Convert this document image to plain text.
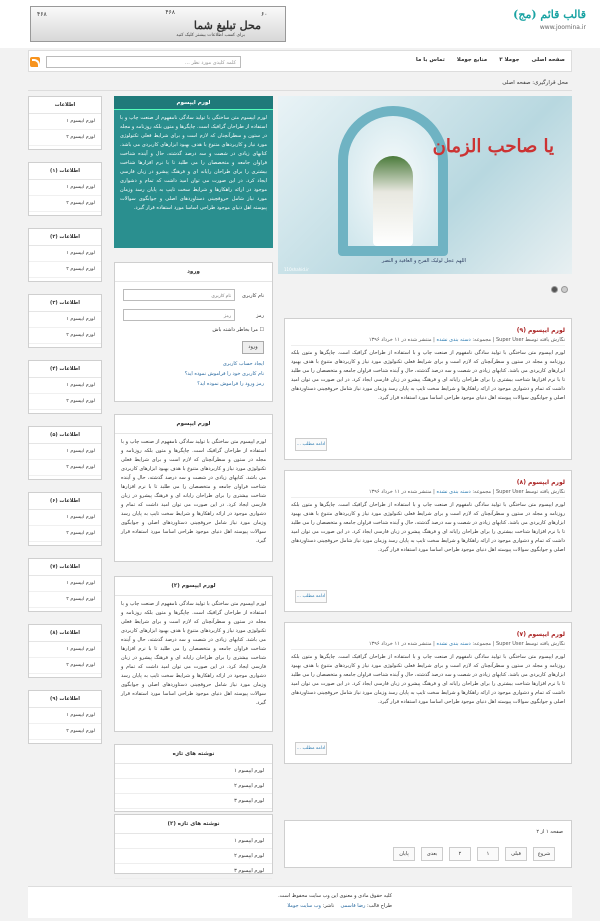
قالب قائم (مج)
www.joomina.ir
۴۶۸	۴۶۸	۶۰
محل تبلیغ شما
برای کسب اطلاعات بیشتر کلیک کنید
صفحه اصلی
جوملا ۳
منابع جوملا
تماس با ما
کلمه کلیدی مورد نظر ...
محل قرارگیری: صفحه اصلی
یا صاحب الزمان
اللهم عجل لولیک الفرج و العافیة و النصر
110shahid.ir
لورم ایپسوم (۹)
نگارش یافته توسط Super User | مجموعه: دسته بندی نشده | منتشر شده در ۱۱ خرداد ۱۳۹۶
لورم ایپسوم متن ساختگی با تولید سادگی نامفهوم از صنعت چاپ و با استفاده از طراحان گرافیک است. چاپگرها و متون بلکه روزنامه و مجله در ستون و سطرآنچنان که لازم است و برای شرایط فعلی تکنولوژی مورد نیاز و کاربردهای متنوع با هدف بهبود ابزارهای کاربردی می باشد. کتابهای زیادی در شصت و سه درصد گذشته، حال و آینده شناخت فراوان جامعه و متخصصان را می طلبد تا با نرم افزارها شناخت بیشتری را برای طراحان رایانه ای و فرهنگ پیشرو در زبان فارسی ایجاد کرد. در این صورت می توان امید داشت که تمام و دشواری موجود در ارائه راهکارها و شرایط سخت تایپ به پایان رسد وزمان مورد نیاز شامل حروفچینی دستاوردهای اصلی و جوابگوی سوالات پیوسته اهل دنیای موجود طراحی اساسا مورد استفاده قرار گیرد.
ادامه مطلب ...
لورم ایپسوم (۸)
نگارش یافته توسط Super User | مجموعه: دسته بندی نشده | منتشر شده در ۱۱ خرداد ۱۳۹۶
لورم ایپسوم متن ساختگی با تولید سادگی نامفهوم از صنعت چاپ و با استفاده از طراحان گرافیک است. چاپگرها و متون بلکه روزنامه و مجله در ستون و سطرآنچنان که لازم است و برای شرایط فعلی تکنولوژی مورد نیاز و کاربردهای متنوع با هدف بهبود ابزارهای کاربردی می باشد. کتابهای زیادی در شصت و سه درصد گذشته، حال و آینده شناخت فراوان جامعه و متخصصان را می طلبد تا با نرم افزارها شناخت بیشتری را برای طراحان رایانه ای و فرهنگ پیشرو در زبان فارسی ایجاد کرد. در این صورت می توان امید داشت که تمام و دشواری موجود در ارائه راهکارها و شرایط سخت تایپ به پایان رسد وزمان مورد نیاز شامل حروفچینی دستاوردهای اصلی و جوابگوی سوالات پیوسته اهل دنیای موجود طراحی اساسا مورد استفاده قرار گیرد.
ادامه مطلب ...
لورم ایپسوم (۷)
نگارش یافته توسط Super User | مجموعه: دسته بندی نشده | منتشر شده در ۱۱ خرداد ۱۳۹۶
لورم ایپسوم متن ساختگی با تولید سادگی نامفهوم از صنعت چاپ و با استفاده از طراحان گرافیک است. چاپگرها و متون بلکه روزنامه و مجله در ستون و سطرآنچنان که لازم است و برای شرایط فعلی تکنولوژی مورد نیاز و کاربردهای متنوع با هدف بهبود ابزارهای کاربردی می باشد. کتابهای زیادی در شصت و سه درصد گذشته، حال و آینده شناخت فراوان جامعه و متخصصان را می طلبد تا با نرم افزارها شناخت بیشتری را برای طراحان رایانه ای و فرهنگ پیشرو در زبان فارسی ایجاد کرد. در این صورت می توان امید داشت که تمام و دشواری موجود در ارائه راهکارها و شرایط سخت تایپ به پایان رسد وزمان مورد نیاز شامل حروفچینی دستاوردهای اصلی و جوابگوی سوالات پیوسته اهل دنیای موجود طراحی اساسا مورد استفاده قرار گیرد.
ادامه مطلب ...
صفحه ۱ از ۲
شروع
قبلی
۱
۲
بعدی
پایان
لورم ایپسوم
لورم ایپسوم متن ساختگی با تولید سادگی نامفهوم از صنعت چاپ و با استفاده از طراحان گرافیک است. چاپگرها و متون بلکه روزنامه و مجله در ستون و سطرآنچنان که لازم است و برای شرایط فعلی تکنولوژی مورد نیاز و کاربردهای متنوع با هدف بهبود ابزارهای کاربردی می باشد. کتابهای زیادی در شصت و سه درصد گذشته، حال و آینده شناخت فراوان جامعه و متخصصان را می طلبد تا با نرم افزارها شناخت بیشتری را برای طراحان رایانه ای و فرهنگ پیشرو در زبان فارسی ایجاد کرد. در این صورت می توان امید داشت که تمام و دشواری موجود در ارائه راهکارها و شرایط سخت تایپ به پایان رسد وزمان مورد نیاز شامل حروفچینی دستاوردهای اصلی و جوابگوی سوالات پیوسته اهل دنیای موجود طراحی اساسا مورد استفاده قرار گیرد.
ورود
نام کاربری
نام کاربری
رمز
☐ مرا بخاطر داشته باش
ورود
ایجاد حساب کاربری
نام کاربری خود را فراموش نموده اید؟
رمز ورود را فراموش نموده اید؟
لورم ایپسوم
لورم ایپسوم متن ساختگی با تولید سادگی نامفهوم از صنعت چاپ و با استفاده از طراحان گرافیک است. چاپگرها و متون بلکه روزنامه و مجله در ستون و سطرآنچنان که لازم است و برای شرایط فعلی تکنولوژی مورد نیاز و کاربردهای متنوع با هدف بهبود ابزارهای کاربردی می باشد. کتابهای زیادی در شصت و سه درصد گذشته، حال و آینده شناخت فراوان جامعه و متخصصان را می طلبد تا با نرم افزارها شناخت بیشتری را برای طراحان رایانه ای و فرهنگ پیشرو در زبان فارسی ایجاد کرد. در این صورت می توان امید داشت که تمام و دشواری موجود در ارائه راهکارها و شرایط سخت تایپ به پایان رسد وزمان مورد نیاز شامل حروفچینی دستاوردهای اصلی و جوابگوی سوالات پیوسته اهل دنیای موجود طراحی اساسا مورد استفاده قرار گیرد.
لورم ایپسوم (۲)
لورم ایپسوم متن ساختگی با تولید سادگی نامفهوم از صنعت چاپ و با استفاده از طراحان گرافیک است. چاپگرها و متون بلکه روزنامه و مجله در ستون و سطرآنچنان که لازم است و برای شرایط فعلی تکنولوژی مورد نیاز و کاربردهای متنوع با هدف بهبود ابزارهای کاربردی می باشد. کتابهای زیادی در شصت و سه درصد گذشته، حال و آینده شناخت فراوان جامعه و متخصصان را می طلبد تا با نرم افزارها شناخت بیشتری را برای طراحان رایانه ای و فرهنگ پیشرو در زبان فارسی ایجاد کرد. در این صورت می توان امید داشت که تمام و دشواری موجود در ارائه راهکارها و شرایط سخت تایپ به پایان رسد وزمان مورد نیاز شامل حروفچینی دستاوردهای اصلی و جوابگوی سوالات پیوسته اهل دنیای موجود طراحی اساسا مورد استفاده قرار گیرد.
نوشته های تازه
لورم ایپسوم ۱
لورم ایپسوم ۲
لورم ایپسوم ۳
نوشته های تازه (۲)
لورم ایپسوم ۱
لورم ایپسوم ۲
لورم ایپسوم ۳
اطلاعات
لورم ایپسوم ۱
لورم ایپسوم ۲
اطلاعات (۱)
لورم ایپسوم ۱
لورم ایپسوم ۲
اطلاعات (۲)
لورم ایپسوم ۱
لورم ایپسوم ۲
اطلاعات (۳)
لورم ایپسوم ۱
لورم ایپسوم ۲
اطلاعات (۴)
لورم ایپسوم ۱
لورم ایپسوم ۲
اطلاعات (۵)
لورم ایپسوم ۱
لورم ایپسوم ۲
اطلاعات (۶)
لورم ایپسوم ۱
لورم ایپسوم ۲
اطلاعات (۷)
لورم ایپسوم ۱
لورم ایپسوم ۲
اطلاعات (۸)
لورم ایپسوم ۱
لورم ایپسوم ۲
اطلاعات (۹)
لورم ایپسوم ۱
لورم ایپسوم ۲
کلیه حقوق مادی و معنوی این وب سایت محفوظ است.
طراح قالب: رضا قاسمی    ناشر: وب سایت جوملا
